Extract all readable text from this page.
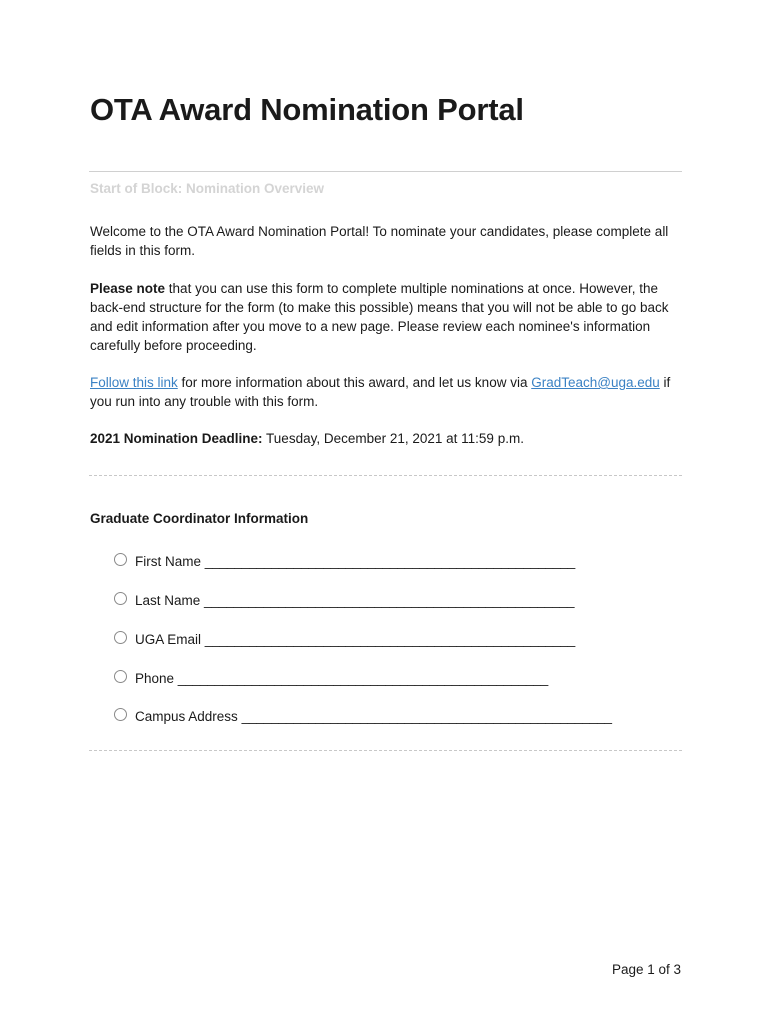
OTA Award Nomination Portal
Start of Block: Nomination Overview

Welcome to the OTA Award Nomination Portal! To nominate your candidates, please complete all fields in this form.

Please note that you can use this form to complete multiple nominations at once. However, the back-end structure for the form (to make this possible) means that you will not be able to go back and edit information after you move to a new page. Please review each nominee's information carefully before proceeding.

Follow this link for more information about this award, and let us know via GradTeach@uga.edu if you run into any trouble with this form.

2021 Nomination Deadline: Tuesday, December 21, 2021 at 11:59 p.m.

Graduate Coordinator Information
First Name __________________________________________________
Last Name __________________________________________________
UGA Email __________________________________________________
Phone __________________________________________________
Campus Address __________________________________________________
Page 1 of 3
